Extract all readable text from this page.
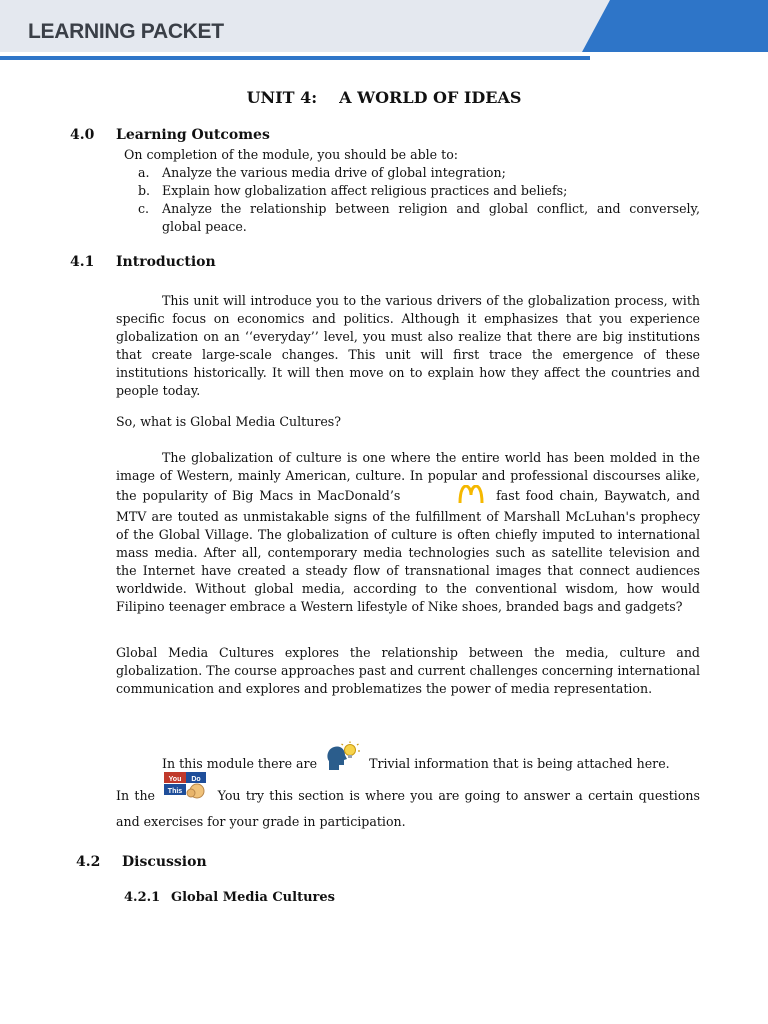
LEARNING PACKET
UNIT 4: A WORLD OF IDEAS
4.0 Learning Outcomes
On completion of the module, you should be able to:
a. Analyze the various media drive of global integration;
b. Explain how globalization affect religious practices and beliefs;
c. Analyze the relationship between religion and global conflict, and conversely, global peace.
4.1 Introduction
This unit will introduce you to the various drivers of the globalization process, with specific focus on economics and politics. Although it emphasizes that you experience globalization on an ‘‘everyday’’ level, you must also realize that there are big institutions that create large-scale changes. This unit will first trace the emergence of these institutions historically. It will then move on to explain how they affect the countries and people today.
So, what is Global Media Cultures?
The globalization of culture is one where the entire world has been molded in the image of Western, mainly American, culture. In popular and professional discourses alike, the popularity of Big Macs in MacDonald’s	fast food chain, Baywatch, and MTV are touted as unmistakable signs of the fulfillment of Marshall McLuhan's prophecy of the Global Village. The globalization of culture is often chiefly imputed to international mass media. After all, contemporary media technologies such as satellite television and the Internet have created a steady flow of transnational images that connect audiences worldwide. Without global media, according to the conventional wisdom, how would Filipino teenager embrace a Western lifestyle of Nike shoes, branded bags and gadgets?
Global Media Cultures explores the relationship between the media, culture and globalization. The course approaches past and current challenges concerning international communication and explores and problematizes the power of media representation.
In this module there are	Trivial information that is being attached here.
In the
You Do
This	You try this section is where you are going to answer a certain questions and exercises for your grade in participation.
4.2 Discussion
4.2.1 Global Media Cultures
